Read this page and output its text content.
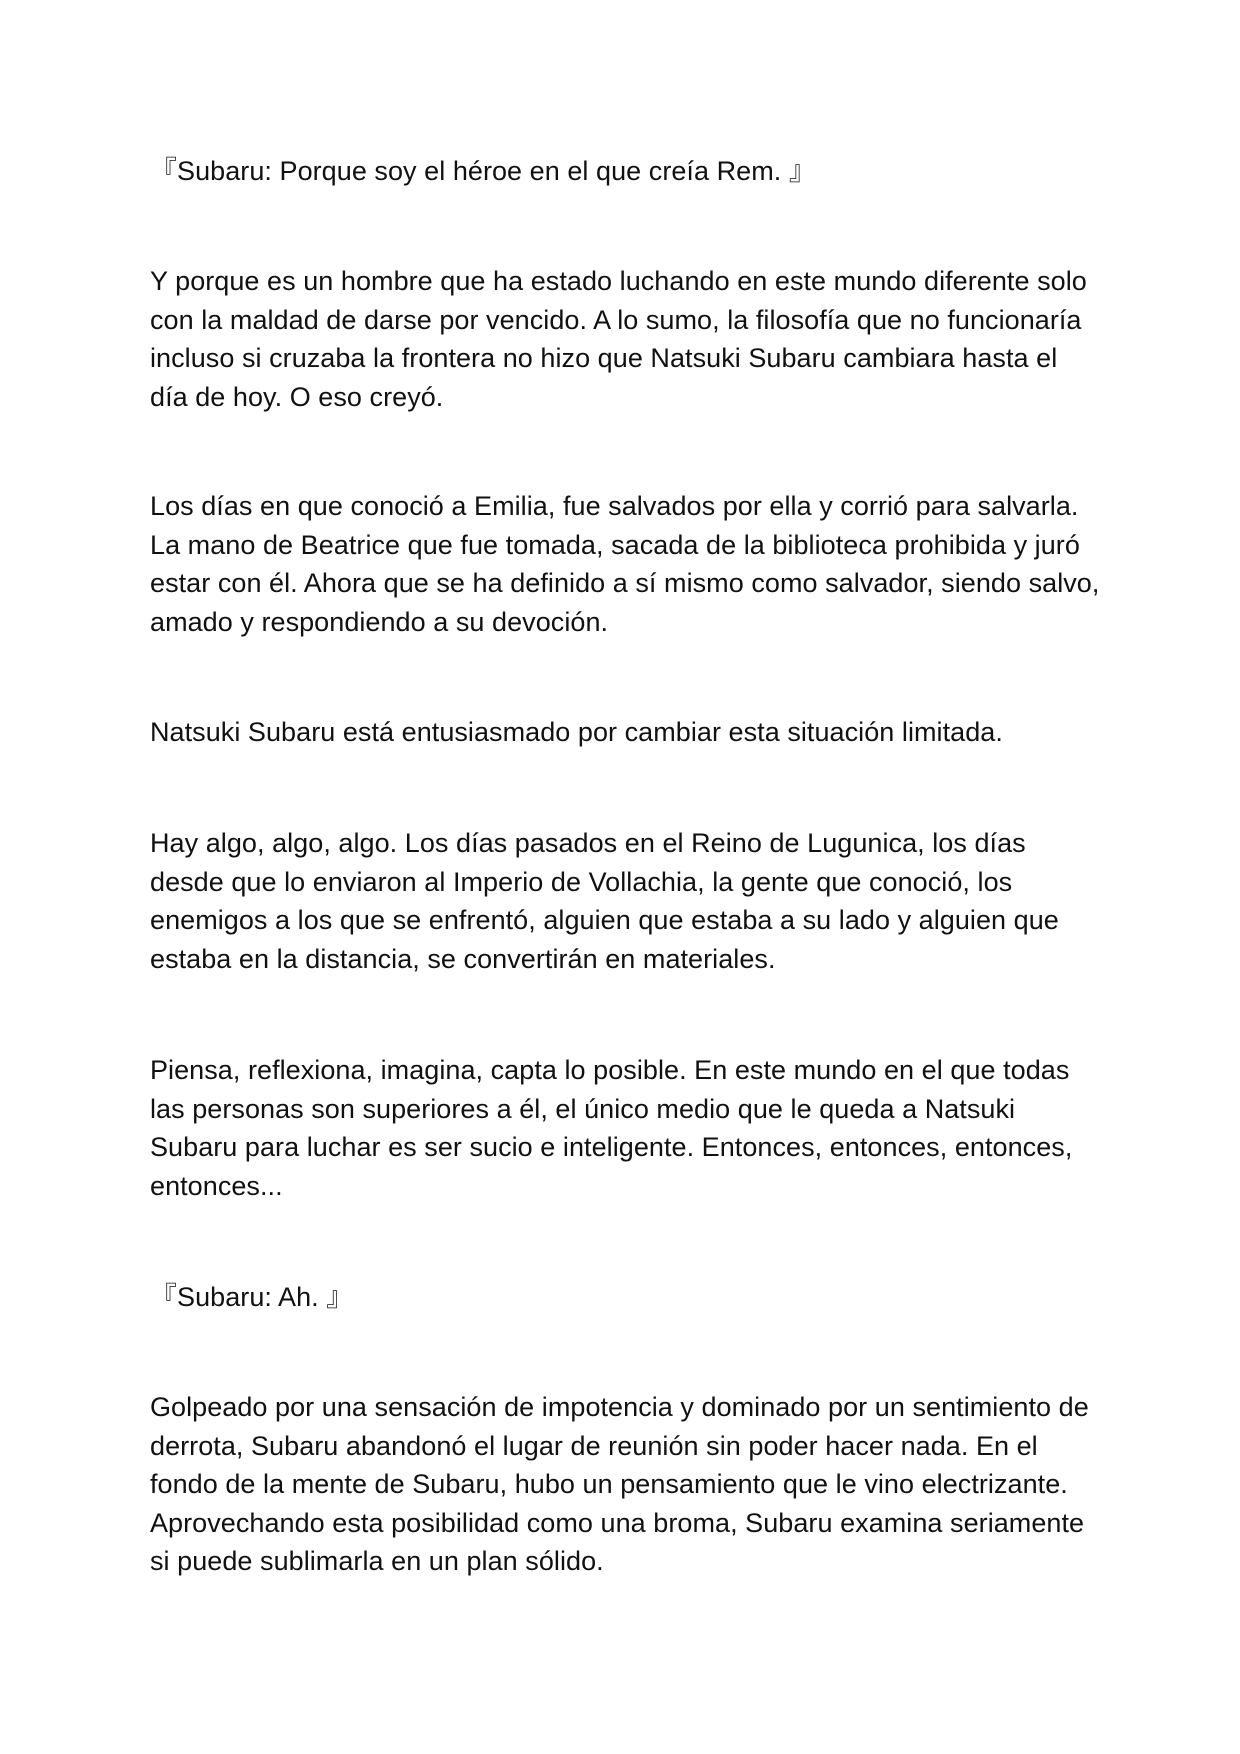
『Subaru: Porque soy el héroe en el que creía Rem. 』

Y porque es un hombre que ha estado luchando en este mundo diferente solo con la maldad de darse por vencido. A lo sumo, la filosofía que no funcionaría incluso si cruzaba la frontera no hizo que Natsuki Subaru cambiara hasta el día de hoy. O eso creyó.

Los días en que conoció a Emilia, fue salvados por ella y corrió para salvarla. La mano de Beatrice que fue tomada, sacada de la biblioteca prohibida y juró estar con él. Ahora que se ha definido a sí mismo como salvador, siendo salvo, amado y respondiendo a su devoción.

Natsuki Subaru está entusiasmado por cambiar esta situación limitada.

Hay algo, algo, algo. Los días pasados en el Reino de Lugunica, los días desde que lo enviaron al Imperio de Vollachia, la gente que conoció, los enemigos a los que se enfrentó, alguien que estaba a su lado y alguien que estaba en la distancia, se convertirán en materiales.

Piensa, reflexiona, imagina, capta lo posible. En este mundo en el que todas las personas son superiores a él, el único medio que le queda a Natsuki Subaru para luchar es ser sucio e inteligente. Entonces, entonces, entonces, entonces...

『Subaru: Ah. 』

Golpeado por una sensación de impotencia y dominado por un sentimiento de derrota, Subaru abandonó el lugar de reunión sin poder hacer nada. En el fondo de la mente de Subaru, hubo un pensamiento que le vino electrizante. Aprovechando esta posibilidad como una broma, Subaru examina seriamente si puede sublimarla en un plan sólido.
